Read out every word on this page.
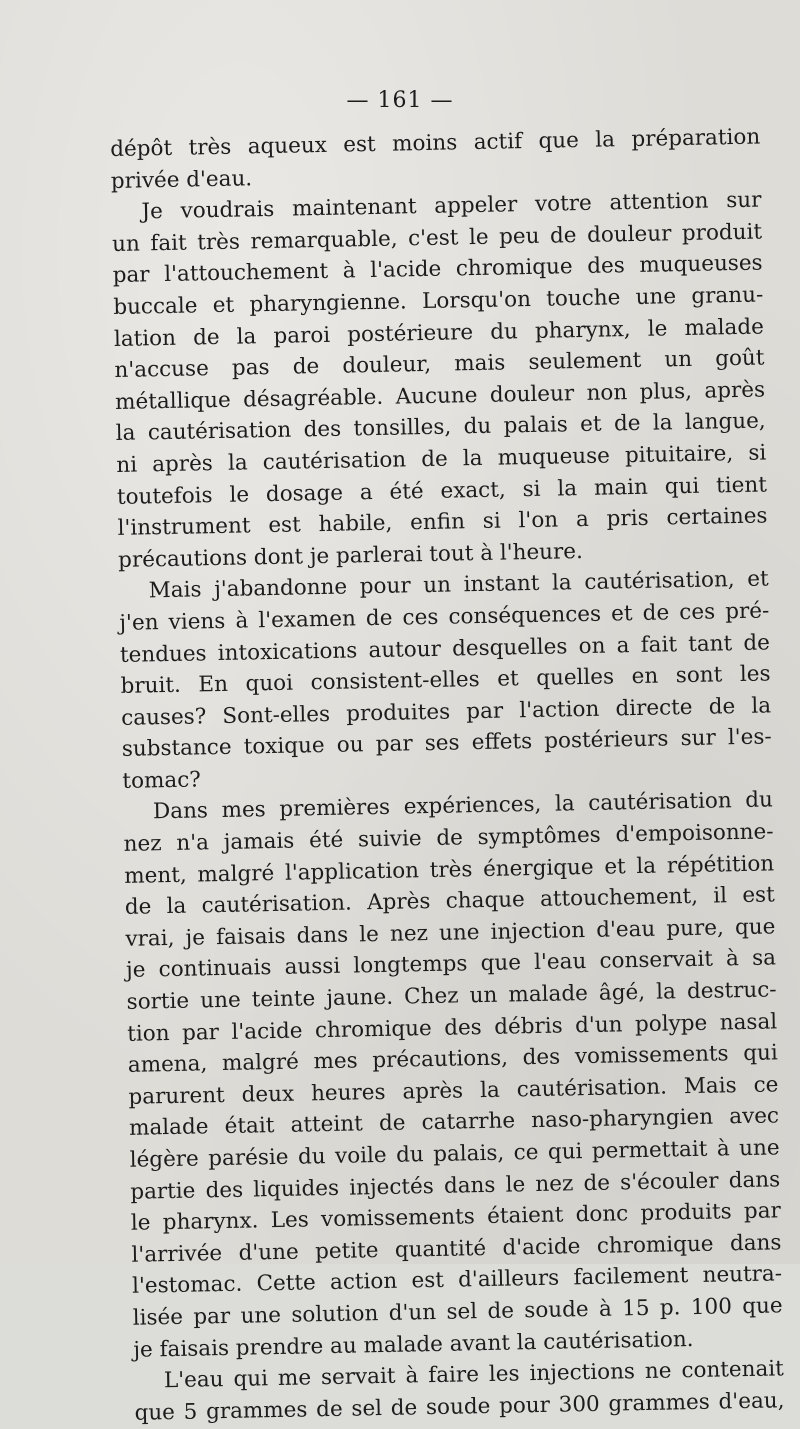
— 161 —
dépôt très aqueux est moins actif que la préparation
privée d'eau.
Je voudrais maintenant appeler votre attention sur
un fait très remarquable, c'est le peu de douleur produit
par l'attouchement à l'acide chromique des muqueuses
buccale et pharyngienne. Lorsqu'on touche une granu-
lation de la paroi postérieure du pharynx, le malade
n'accuse pas de douleur, mais seulement un goût
métallique désagréable. Aucune douleur non plus, après
la cautérisation des tonsilles, du palais et de la langue,
ni après la cautérisation de la muqueuse pituitaire, si
toutefois le dosage a été exact, si la main qui tient
l'instrument est habile, enfin si l'on a pris certaines
précautions dont je parlerai tout à l'heure.
Mais j'abandonne pour un instant la cautérisation, et
j'en viens à l'examen de ces conséquences et de ces pré-
tendues intoxications autour desquelles on a fait tant de
bruit. En quoi consistent-elles et quelles en sont les
causes? Sont-elles produites par l'action directe de la
substance toxique ou par ses effets postérieurs sur l'es-
tomac?
Dans mes premières expériences, la cautérisation du
nez n'a jamais été suivie de symptômes d'empoisonne-
ment, malgré l'application très énergique et la répétition
de la cautérisation. Après chaque attouchement, il est
vrai, je faisais dans le nez une injection d'eau pure, que
je continuais aussi longtemps que l'eau conservait à sa
sortie une teinte jaune. Chez un malade âgé, la destruc-
tion par l'acide chromique des débris d'un polype nasal
amena, malgré mes précautions, des vomissements qui
parurent deux heures après la cautérisation. Mais ce
malade était atteint de catarrhe naso-pharyngien avec
légère parésie du voile du palais, ce qui permettait à une
partie des liquides injectés dans le nez de s'écouler dans
le pharynx. Les vomissements étaient donc produits par
l'arrivée d'une petite quantité d'acide chromique dans
l'estomac. Cette action est d'ailleurs facilement neutra-
lisée par une solution d'un sel de soude à 15 p. 100 que
je faisais prendre au malade avant la cautérisation.
L'eau qui me servait à faire les injections ne contenait
que 5 grammes de sel de soude pour 300 grammes d'eau,
